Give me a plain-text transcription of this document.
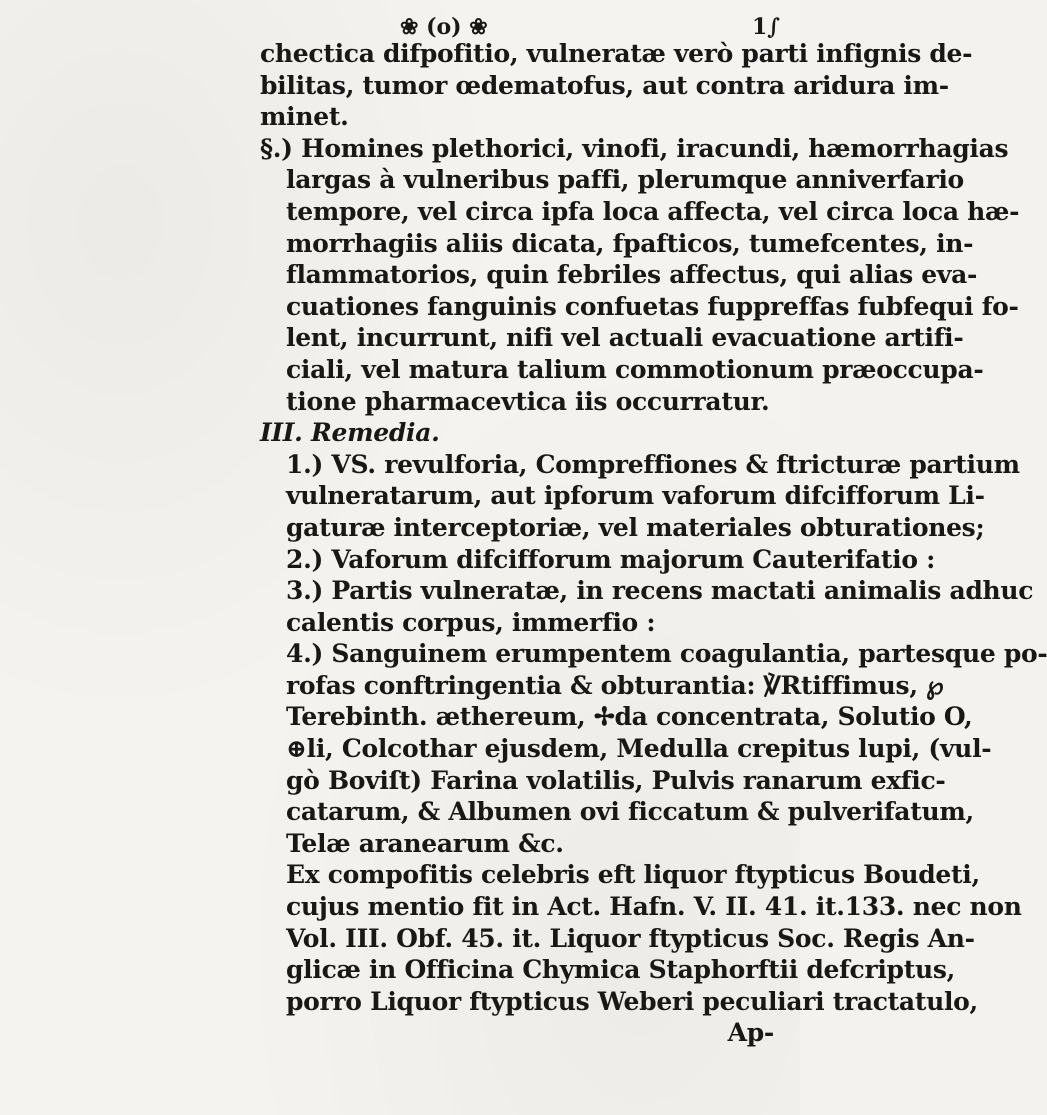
❀ (o) ❀	1∫
chectica difpofitio, vulneratæ verò parti infignis de-
bilitas, tumor œdematofus, aut contra aridura im-
minet.
§.) Homines plethorici, vinofi, iracundi, hæmorrhagias
largas à vulneribus paffi, plerumque anniverfario
tempore, vel circa ipfa loca affecta, vel circa loca hæ-
morrhagiis aliis dicata, fpafticos, tumefcentes, in-
flammatorios, quin febriles affectus, qui alias eva-
cuationes fanguinis confuetas fuppreffas fubfequi fo-
lent, incurrunt, nifi vel actuali evacuatione artifi-
ciali, vel matura talium commotionum præoccupa-
tione pharmacevtica iis occurratur.
III. Remedia.
1.) VS. revulforia, Compreffiones & ftricturæ partium
vulneratarum, aut ipforum vaforum difcifforum Li-
gaturæ interceptoriæ, vel materiales obturationes;
2.) Vaforum difcifforum majorum Cauterifatio :
3.) Partis vulneratæ, in recens mactati animalis adhuc
calentis corpus, immerfio :
4.) Sanguinem erumpentem coagulantia, partesque po-
rofas conftringentia & obturantia: ℣Rtiffimus, ℘
Terebinth. æthereum, ✢da concentrata, Solutio O,
⊕li, Colcothar ejusdem, Medulla crepitus lupi, (vul-
gò Boviſt) Farina volatilis, Pulvis ranarum exfic-
catarum, & Albumen ovi ficcatum & pulverifatum,
Telæ aranearum &c.
Ex compofitis celebris eft liquor ftypticus Boudeti,
cujus mentio fit in Act. Hafn. V. II. 41. it.133. nec non
Vol. III. Obf. 45. it. Liquor ftypticus Soc. Regis An-
glicæ in Officina Chymica Staphorftii defcriptus,
porro Liquor ftypticus Weberi peculiari tractatulo,
Ap-
